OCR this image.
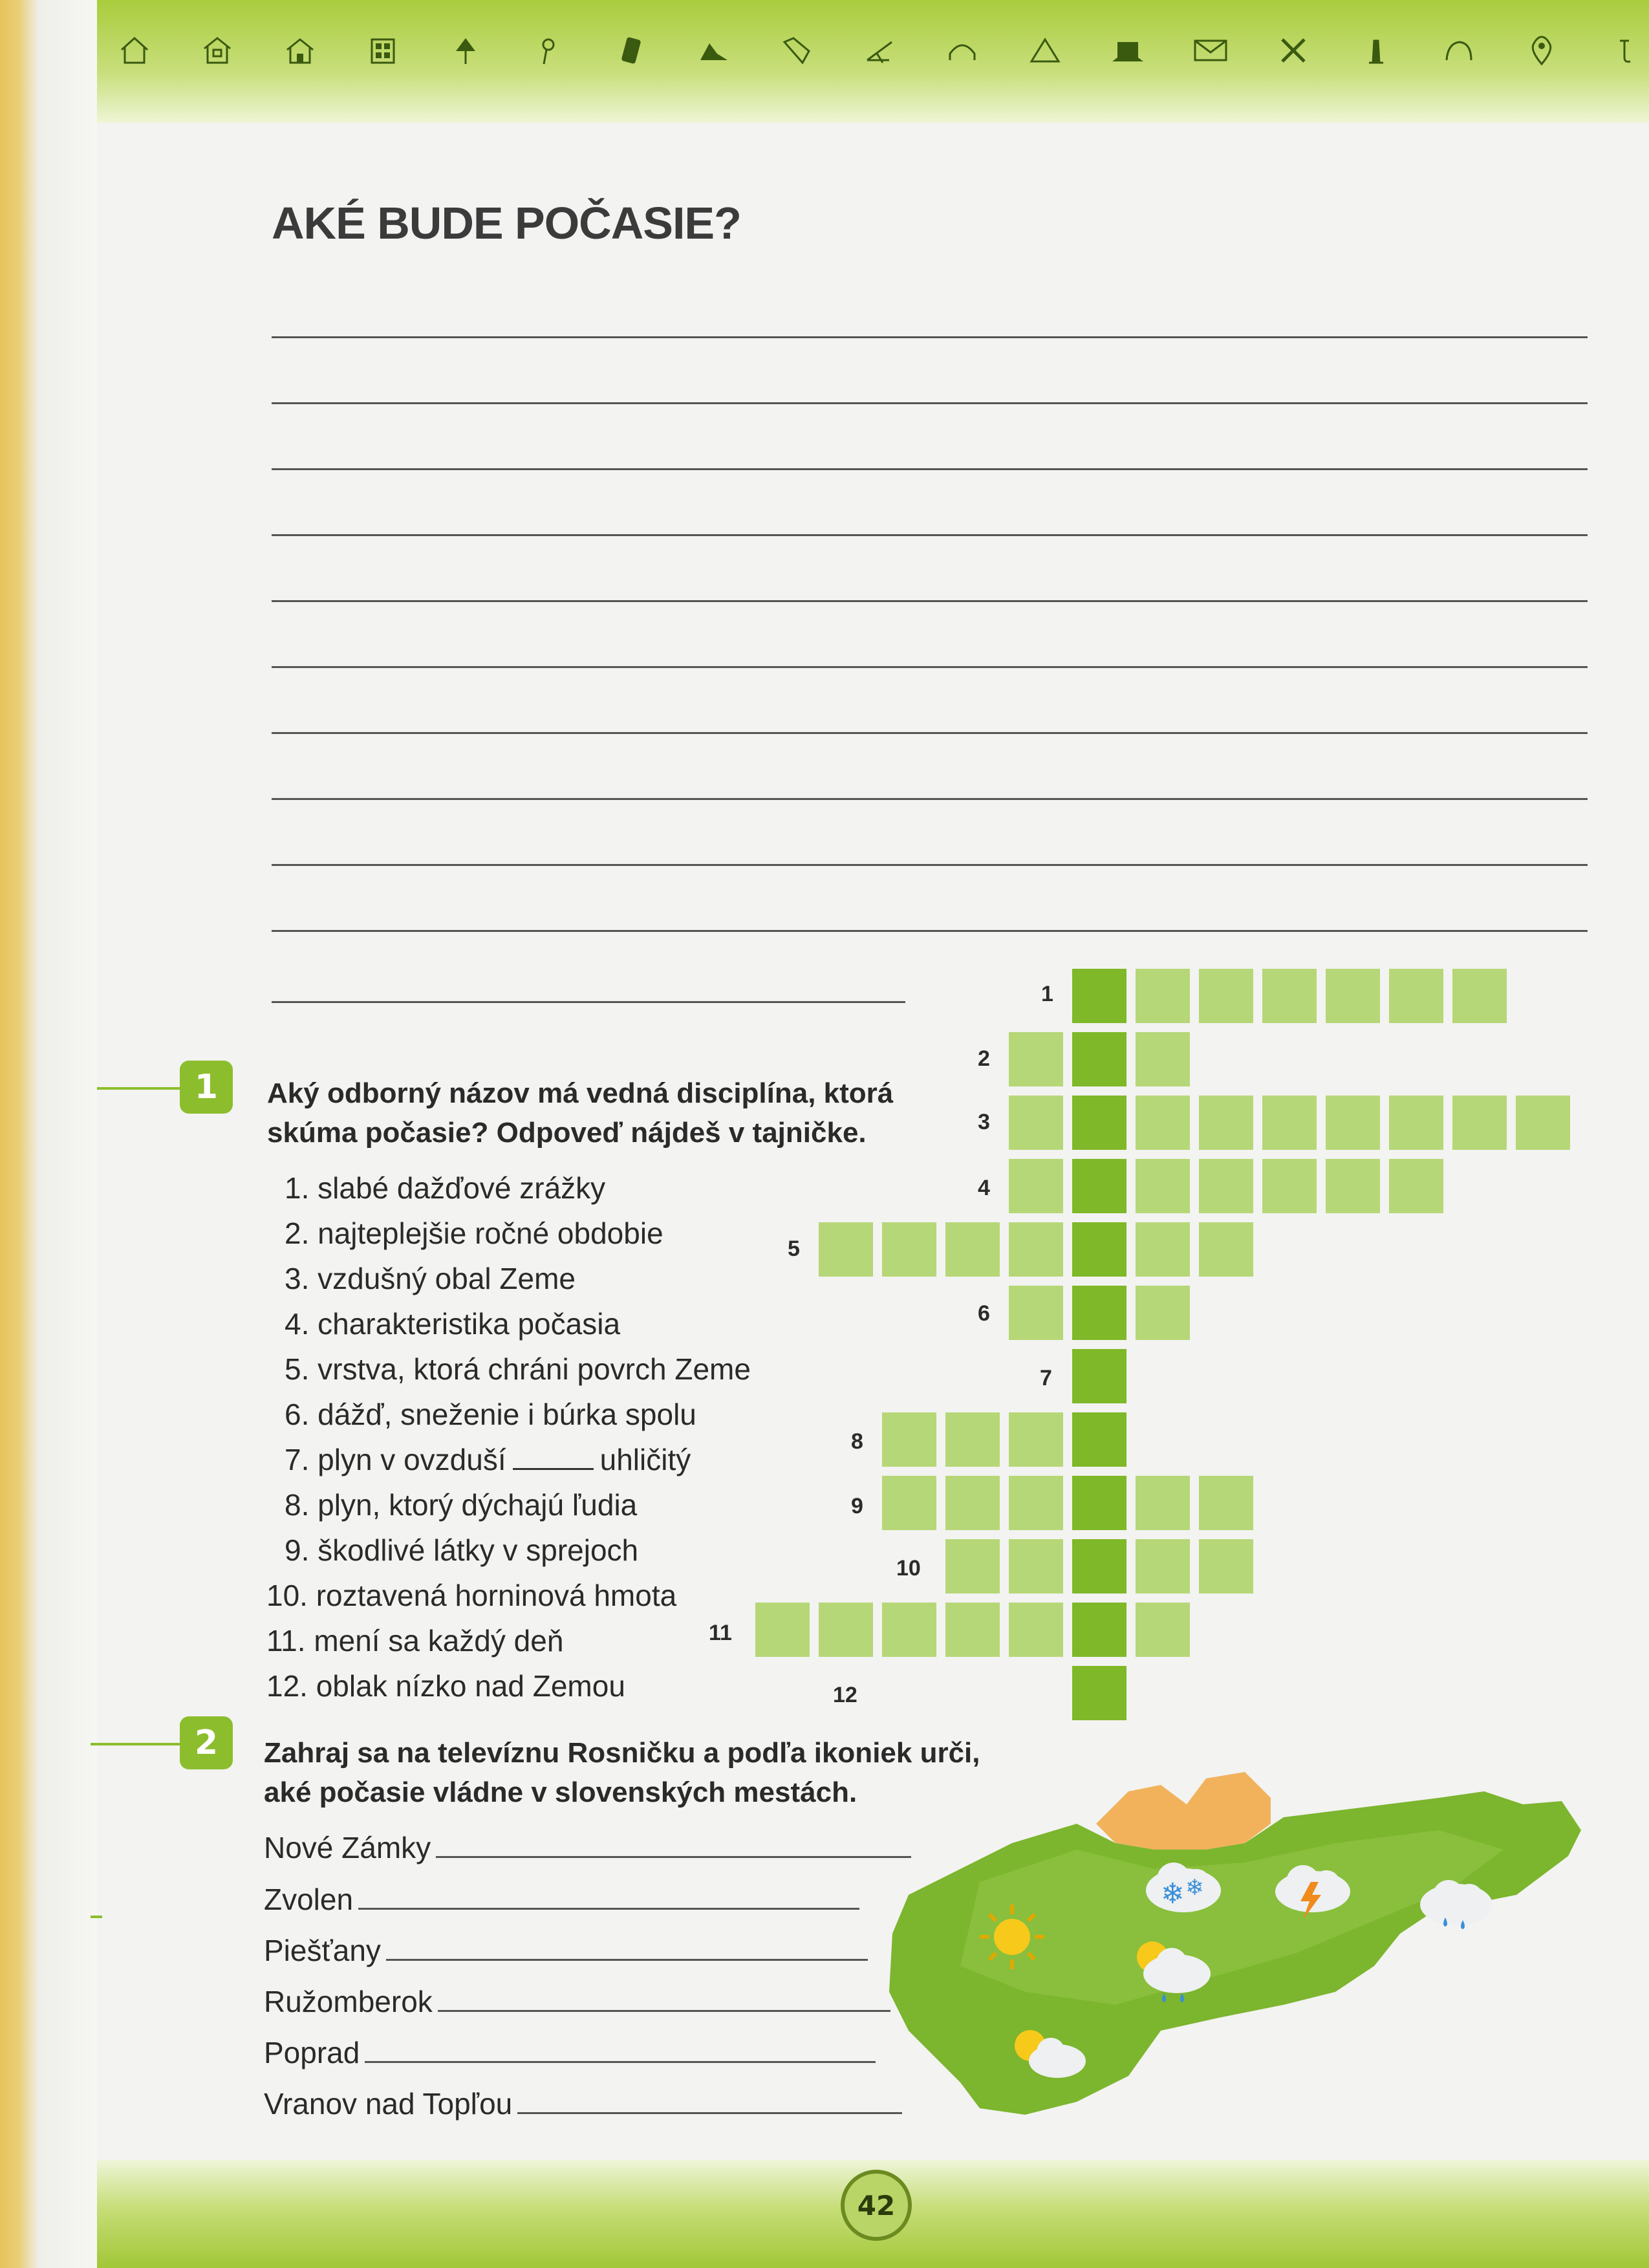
AKÉ BUDE POČASIE?
1	Aký odborný názov má vedná disciplína, ktorá
skúma počasie? Odpoveď nájdeš v tajničke.
1. slabé dažďové zrážky
2. najteplejšie ročné obdobie
3. vzdušný obal Zeme
4. charakteristika počasia
5. vrstva, ktorá chráni povrch Zeme
6. dážď, sneženie i búrka spolu
7. plyn v ovzduší	uhličitý
8. plyn, ktorý dýchajú ľudia
9. škodlivé látky v sprejoch
10. roztavená horninová hmota
11. mení sa každý deň
12. oblak nízko nad Zemou
1
2
3
4
5
6
7
8
9
10
11
12
2	Zahraj sa na televíznu Rosničku a podľa ikoniek urči,
aké počasie vládne v slovenských mestách.
Nové Zámky
Zvolen
Piešťany
Ružomberok
Poprad
Vranov nad Topľou
❄ ❄
42
